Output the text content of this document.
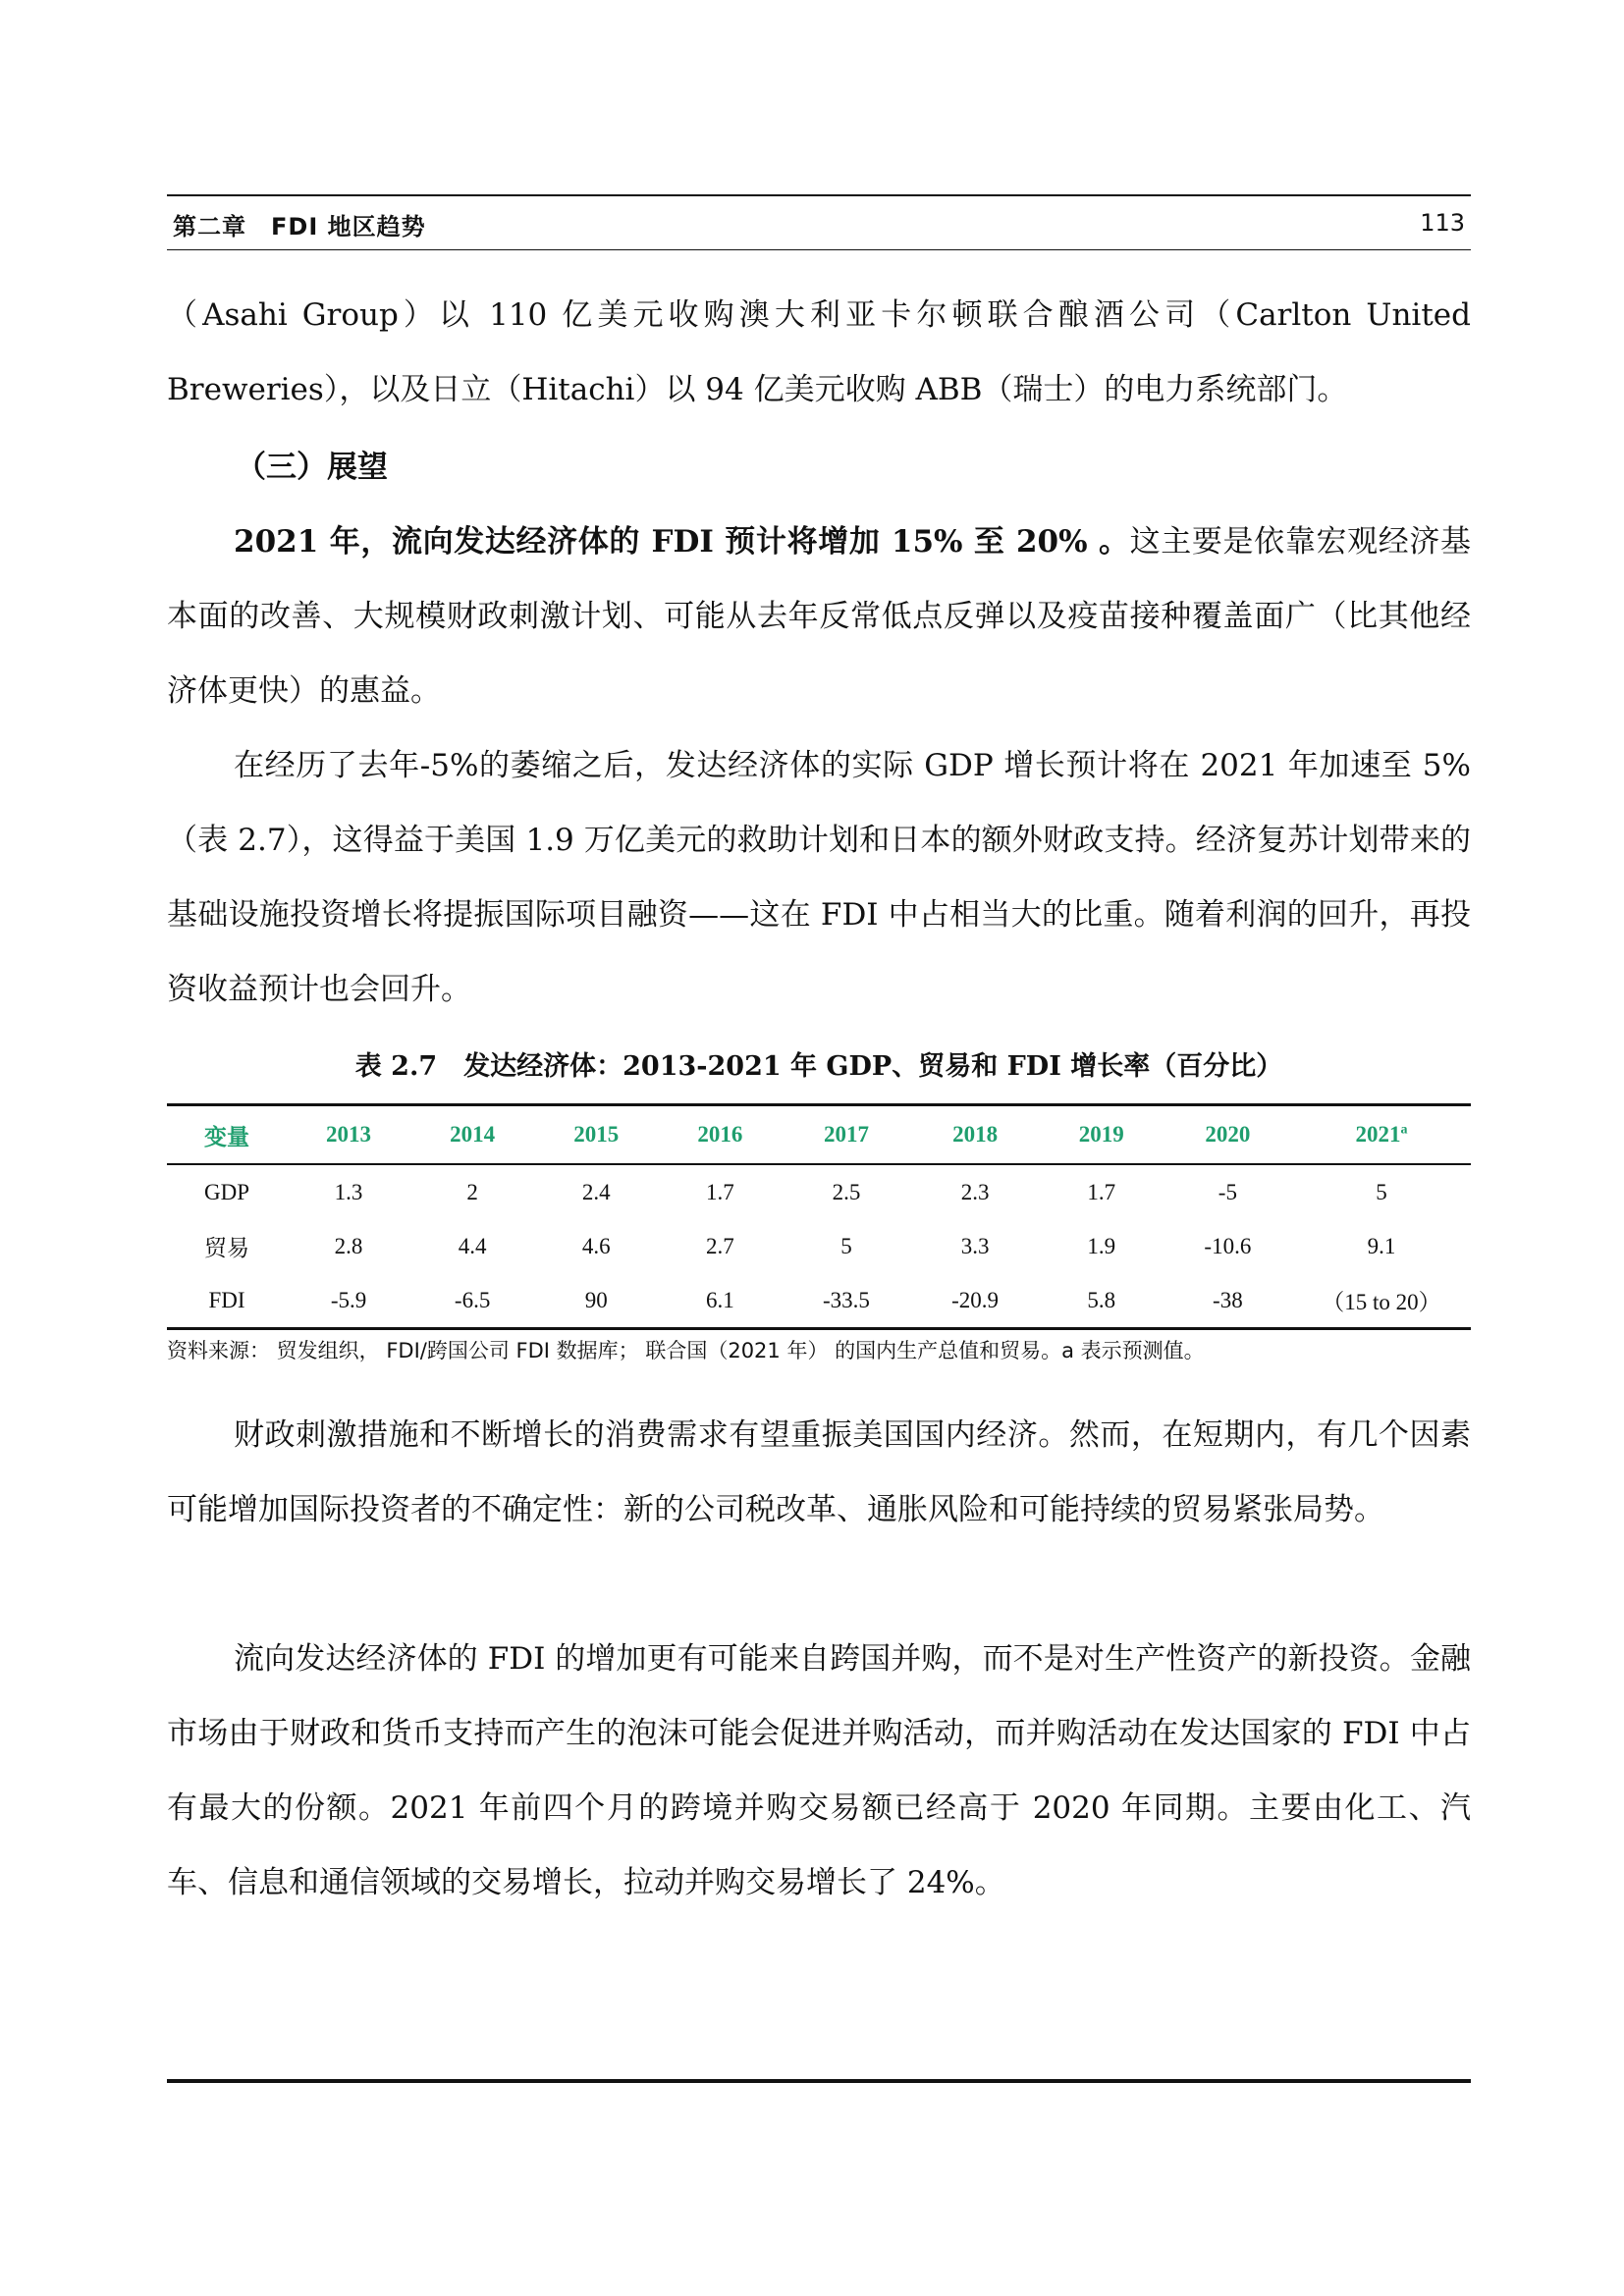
第二章　FDI 地区趋势	113
（Asahi Group）以 110 亿美元收购澳大利亚卡尔顿联合酿酒公司（Carlton United Breweries），以及日立（Hitachi）以 94 亿美元收购 ABB（瑞士）的电力系统部门。
（三）展望
2021 年，流向发达经济体的 FDI 预计将增加 15% 至 20% 。这主要是依靠宏观经济基本面的改善、大规模财政刺激计划、可能从去年反常低点反弹以及疫苗接种覆盖面广（比其他经济体更快）的惠益。
在经历了去年-5%的萎缩之后，发达经济体的实际 GDP 增长预计将在 2021 年加速至 5%（表 2.7），这得益于美国 1.9 万亿美元的救助计划和日本的额外财政支持。经济复苏计划带来的基础设施投资增长将提振国际项目融资——这在 FDI 中占相当大的比重。随着利润的回升，再投资收益预计也会回升。
表 2.7　发达经济体：2013-2021 年 GDP、贸易和 FDI 增长率（百分比）
变量	2013	2014	2015	2016	2017	2018	2019	2020	2021$^a$
GDP	1.3	2	2.4	1.7	2.5	2.3	1.7	-5	5
贸易	2.8	4.4	4.6	2.7	5	3.3	1.9	-10.6	9.1
FDI	-5.9	-6.5	90	6.1	-33.5	-20.9	5.8	-38	（15 to 20）
资料来源： 贸发组织， FDI/跨国公司 FDI 数据库； 联合国（2021 年） 的国内生产总值和贸易。a 表示预测值。
财政刺激措施和不断增长的消费需求有望重振美国国内经济。然而，在短期内，有几个因素可能增加国际投资者的不确定性：新的公司税改革、通胀风险和可能持续的贸易紧张局势。
流向发达经济体的 FDI 的增加更有可能来自跨国并购，而不是对生产性资产的新投资。金融市场由于财政和货币支持而产生的泡沫可能会促进并购活动，而并购活动在发达国家的 FDI 中占有最大的份额。2021 年前四个月的跨境并购交易额已经高于 2020 年同期。主要由化工、汽车、信息和通信领域的交易增长，拉动并购交易增长了 24%。
